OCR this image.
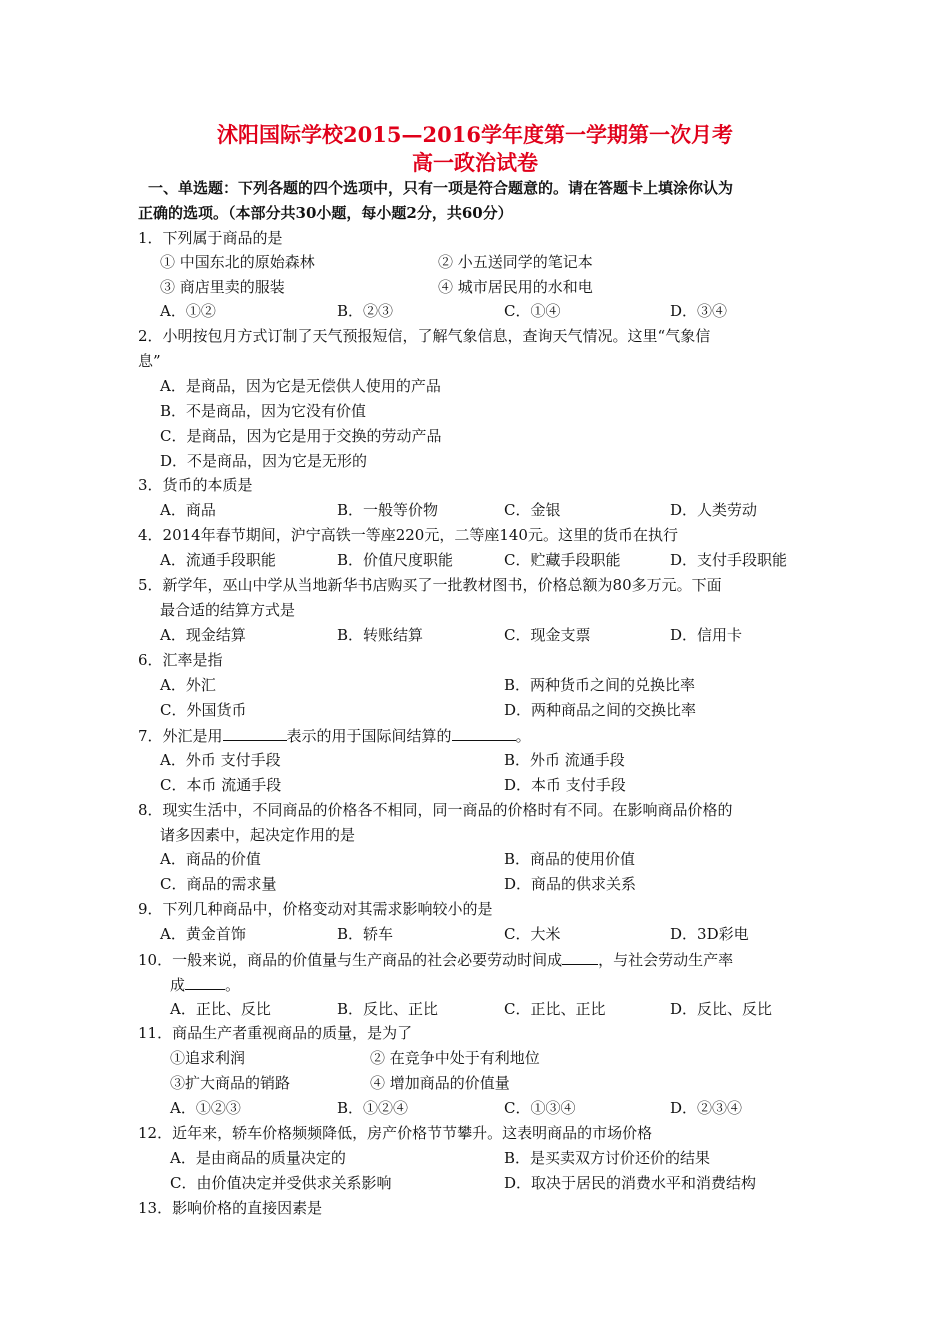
沭阳国际学校2015—2016学年度第一学期第一次月考
高一政治试卷
一、单选题：下列各题的四个选项中，只有一项是符合题意的。请在答题卡上填涂你认为
正确的选项。（本部分共30小题，每小题2分，共60分）
1．下列属于商品的是
① 中国东北的原始森林	② 小五送同学的笔记本
③ 商店里卖的服装	④ 城市居民用的水和电
A．①②	B．②③	C．①④	D．③④
2．小明按包月方式订制了天气预报短信，了解气象信息，查询天气情况。这里“气象信
息”
A．是商品，因为它是无偿供人使用的产品
B．不是商品，因为它没有价值
C．是商品，因为它是用于交换的劳动产品
D．不是商品，因为它是无形的
3．货币的本质是
A．商品	B．一般等价物	C．金银	D．人类劳动
4．2014年春节期间，沪宁高铁一等座220元，二等座140元。这里的货币在执行
A．流通手段职能	B．价值尺度职能	C．贮藏手段职能	D．支付手段职能
5．新学年，巫山中学从当地新华书店购买了一批教材图书，价格总额为80多万元。下面
最合适的结算方式是
A．现金结算	B．转账结算	C．现金支票	D．信用卡
6．汇率是指
A．外汇	B．两种货币之间的兑换比率
C．外国货币	D．两种商品之间的交换比率
7．外汇是用	表示的用于国际间结算的	。
A．外币 支付手段	B．外币 流通手段
C．本币 流通手段	D．本币 支付手段
8．现实生活中，不同商品的价格各不相同，同一商品的价格时有不同。在影响商品价格的
诸多因素中，起决定作用的是
A．商品的价值	B．商品的使用价值
C．商品的需求量	D．商品的供求关系
9．下列几种商品中，价格变动对其需求影响较小的是
A．黄金首饰	B．轿车	C．大米	D．3D彩电
10．一般来说，商品的价值量与生产商品的社会必要劳动时间成 ，与社会劳动生产率
成	。
A．正比、反比	B．反比、正比	C．正比、正比	D．反比、反比
11．商品生产者重视商品的质量，是为了
①追求利润	② 在竞争中处于有利地位
③扩大商品的销路	④ 增加商品的价值量
A．①②③	B．①②④	C．①③④	D．②③④
12．近年来，轿车价格频频降低，房产价格节节攀升。这表明商品的市场价格
A．是由商品的质量决定的	B．是买卖双方讨价还价的结果
C．由价值决定并受供求关系影响	D．取决于居民的消费水平和消费结构
13．影响价格的直接因素是
